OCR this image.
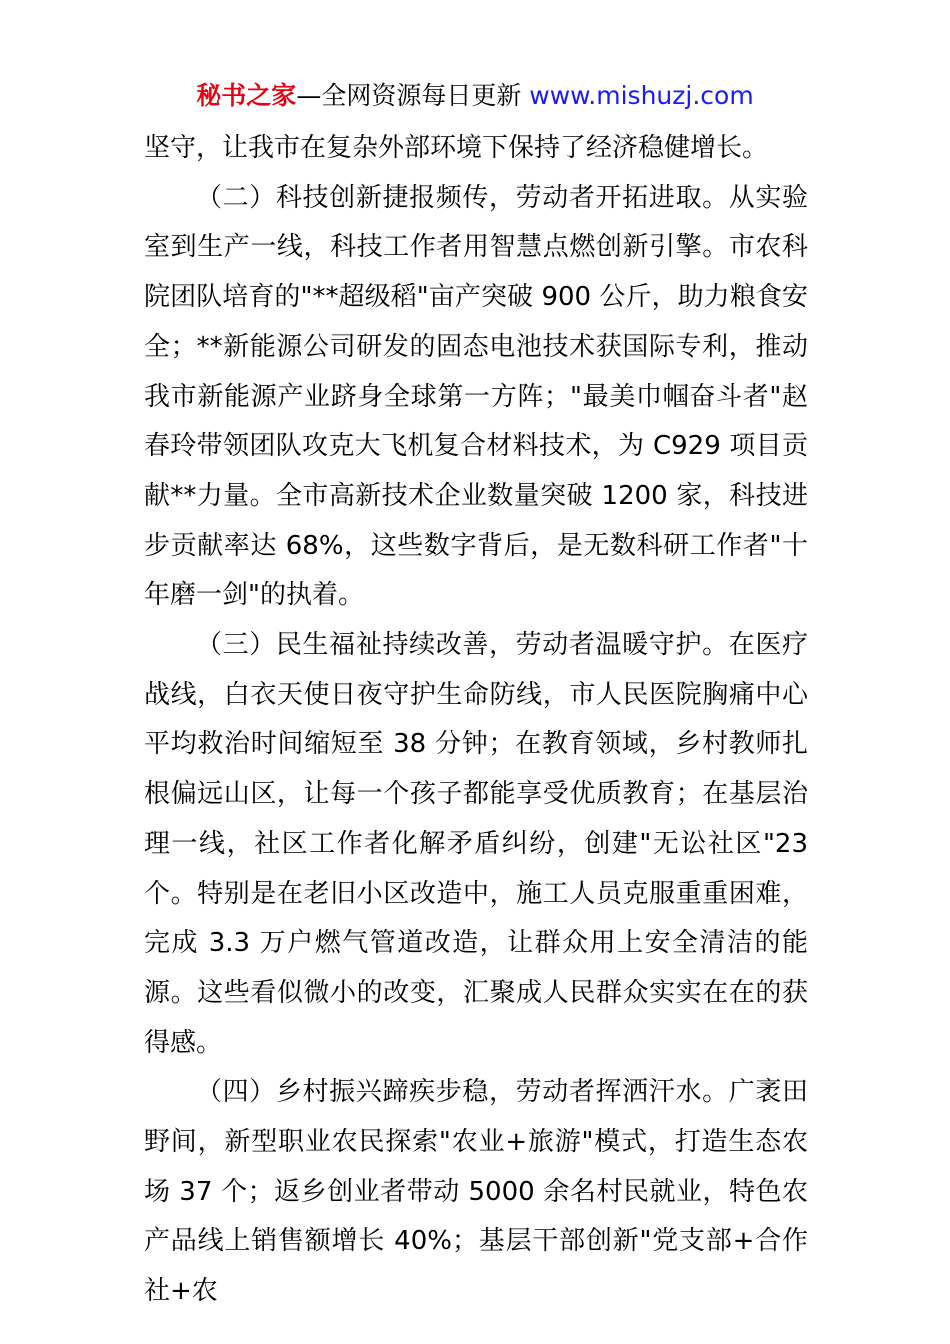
秘书之家—全网资源每日更新 www.mishuzj.com

坚守，让我市在复杂外部环境下保持了经济稳健增长。

（二）科技创新捷报频传，劳动者开拓进取。从实验室到生产一线，科技工作者用智慧点燃创新引擎。市农科院团队培育的"**超级稻"亩产突破 900 公斤，助力粮食安全；**新能源公司研发的固态电池技术获国际专利，推动我市新能源产业跻身全球第一方阵；"最美巾帼奋斗者"赵春玲带领团队攻克大飞机复合材料技术，为 C929 项目贡献**力量。全市高新技术企业数量突破 1200 家，科技进步贡献率达 68%，这些数字背后，是无数科研工作者"十年磨一剑"的执着。

（三）民生福祉持续改善，劳动者温暖守护。在医疗战线，白衣天使日夜守护生命防线，市人民医院胸痛中心平均救治时间缩短至 38 分钟；在教育领域，乡村教师扎根偏远山区，让每一个孩子都能享受优质教育；在基层治理一线，社区工作者化解矛盾纠纷，创建"无讼社区"23 个。特别是在老旧小区改造中，施工人员克服重重困难，完成 3.3 万户燃气管道改造，让群众用上安全清洁的能源。这些看似微小的改变，汇聚成人民群众实实在在的获得感。

（四）乡村振兴蹄疾步稳，劳动者挥洒汗水。广袤田野间，新型职业农民探索"农业+旅游"模式，打造生态农场 37 个；返乡创业者带动 5000 余名村民就业，特色农产品线上销售额增长 40%；基层干部创新"党支部+合作社+农
